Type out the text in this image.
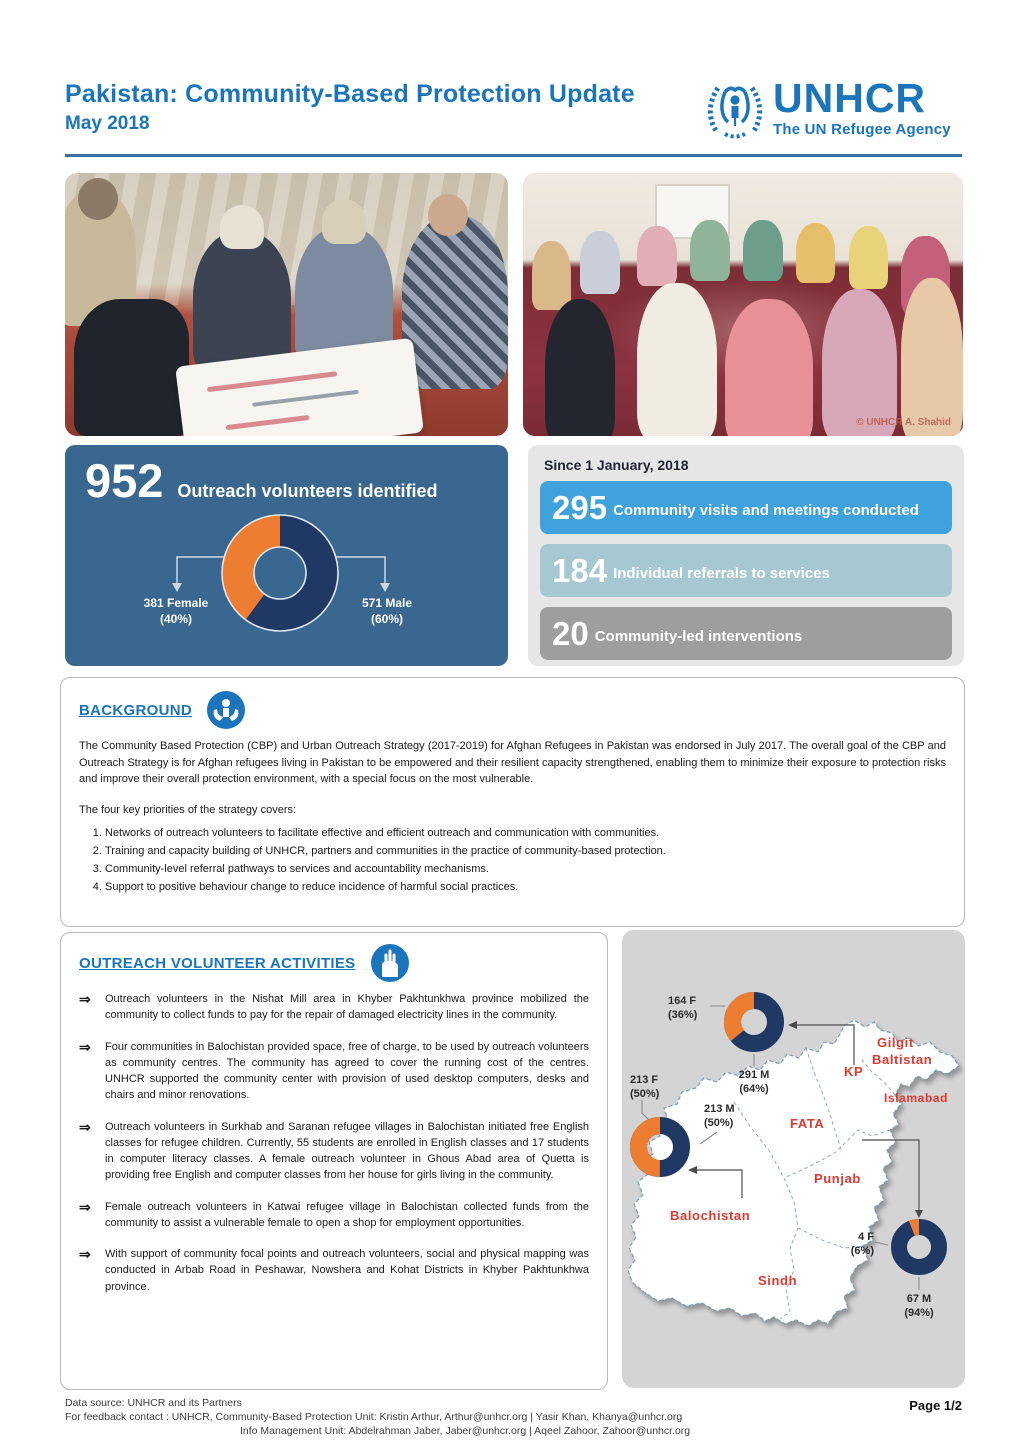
Pakistan: Community-Based Protection Update
May 2018
UNHCR
The UN Refugee Agency
© UNHCR A. Shahid
952 Outreach volunteers identified
381 Female
(40%)
571 Male
(60%)
Since 1 January, 2018
295 Community visits and meetings conducted
184 Individual referrals to services
20 Community-led interventions
BACKGROUND

The Community Based Protection (CBP) and Urban Outreach Strategy (2017-2019) for Afghan Refugees in Pakistan was endorsed in July 2017. The overall goal of the CBP and Outreach Strategy is for Afghan refugees living in Pakistan to be empowered and their resilient capacity strengthened, enabling them to minimize their exposure to protection risks and improve their overall protection environment, with a special focus on the most vulnerable.

The four key priorities of the strategy covers:

1. Networks of outreach volunteers to facilitate effective and efficient outreach and communication with communities.
2. Training and capacity building of UNHCR, partners and communities in the practice of community-based protection.
3. Community-level referral pathways to services and accountability mechanisms.
4. Support to positive behaviour change to reduce incidence of harmful social practices.
OUTREACH VOLUNTEER ACTIVITIES
⇒	Outreach volunteers in the Nishat Mill area in Khyber Pakhtunkhwa province mobilized the community to collect funds to pay for the repair of damaged electricity lines in the community.
⇒	Four communities in Balochistan provided space, free of charge, to be used by outreach volunteers as community centres. The community has agreed to cover the running cost of the centres. UNHCR supported the community center with provision of used desktop computers, desks and chairs and minor renovations.
⇒	Outreach volunteers in Surkhab and Saranan refugee villages in Balochistan initiated free English classes for refugee children. Currently, 55 students are enrolled in English classes and 17 students in computer literacy classes. A female outreach volunteer in Ghous Abad area of Quetta is providing free English and computer classes from her house for girls living in the community.
⇒	Female outreach volunteers in Katwai refugee village in Balochistan collected funds from the community to assist a vulnerable female to open a shop for employment opportunities.
⇒	With support of community focal points and outreach volunteers, social and physical mapping was conducted in Arbab Road in Peshawar, Nowshera and Kohat Districts in Khyber Pakhtunkhwa province.
Gilgit
Baltistan
KP
Islamabad
FATA
Punjab
Balochistan
Sindh
164 F
(36%)
291 M
(64%)
213 F
(50%)
213 M
(50%)
4 F
(6%)
67 M
(94%)
Data source: UNHCR and its Partners
For feedback contact : UNHCR, Community-Based Protection Unit: Kristin Arthur, Arthur@unhcr.org | Yasir Khan, Khanya@unhcr.org
Info Management Unit: Abdelrahman Jaber, Jaber@unhcr.org | Aqeel Zahoor, Zahoor@unhcr.org
Page 1/2
